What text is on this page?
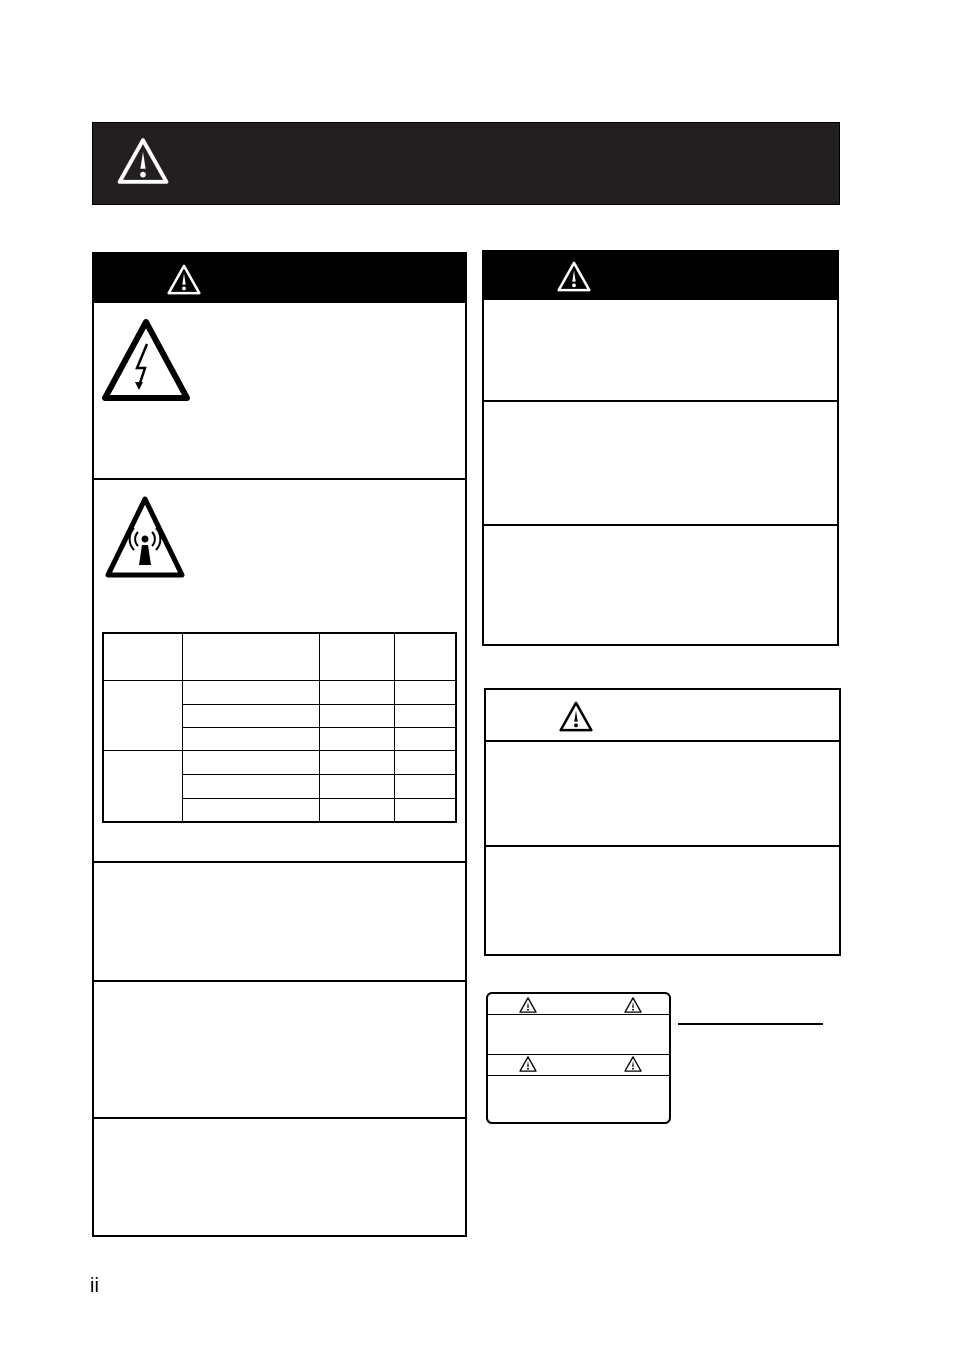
ii
